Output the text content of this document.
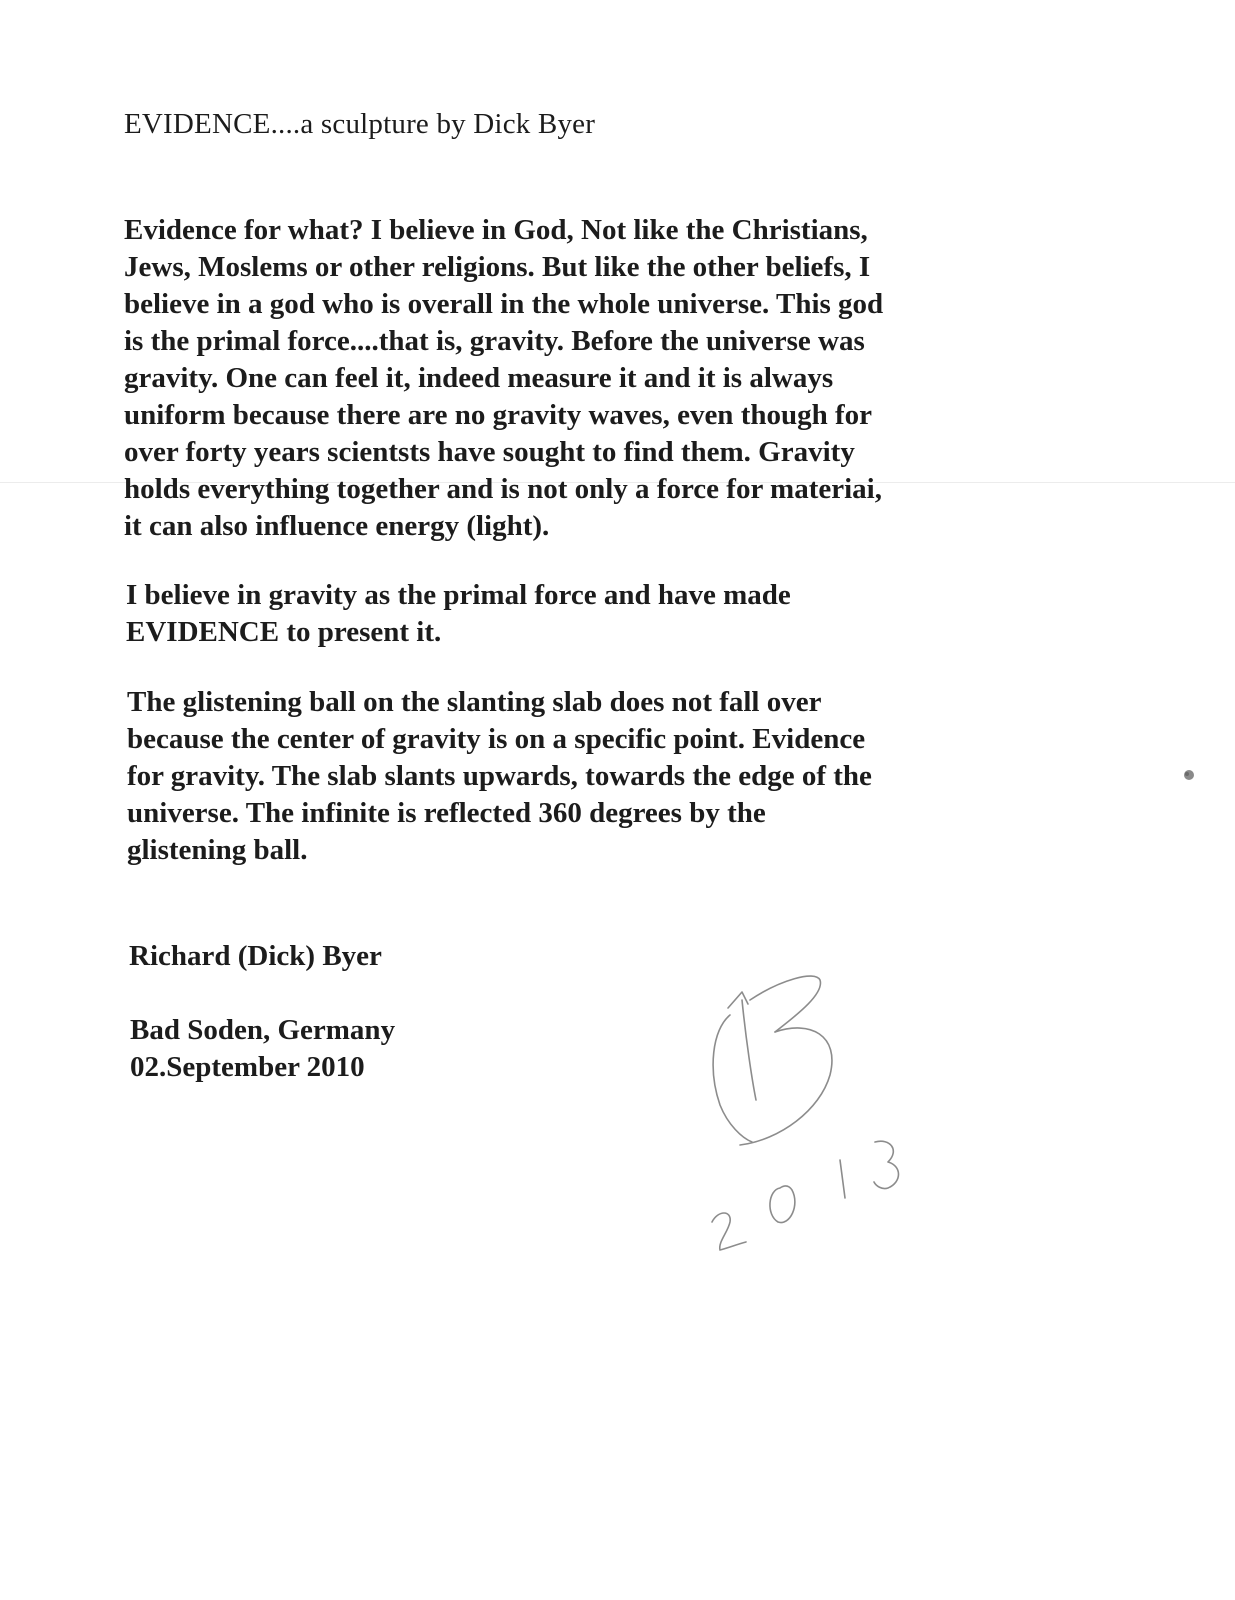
EVIDENCE....a sculpture by Dick Byer

Evidence for what? I believe in God, Not like the Christians,
Jews, Moslems or other religions. But like the other beliefs, I
believe in a god who is overall in the whole universe. This god
is the primal force....that is, gravity. Before the universe was
gravity. One can feel it, indeed measure it and it is always
uniform because there are no gravity waves, even though for
over forty years scientsts have sought to find them. Gravity
holds everything together and is not only a force for materiai,
it can also influence energy (light).

I believe in gravity as the primal force and have made
EVIDENCE to present it.

The glistening ball on the slanting slab does not fall over
because the center of gravity is on a specific point. Evidence
for gravity. The slab slants upwards, towards the edge of the
universe. The infinite is reflected 360 degrees by the
glistening ball.

Richard (Dick) Byer

Bad Soden, Germany
02.September 2010
